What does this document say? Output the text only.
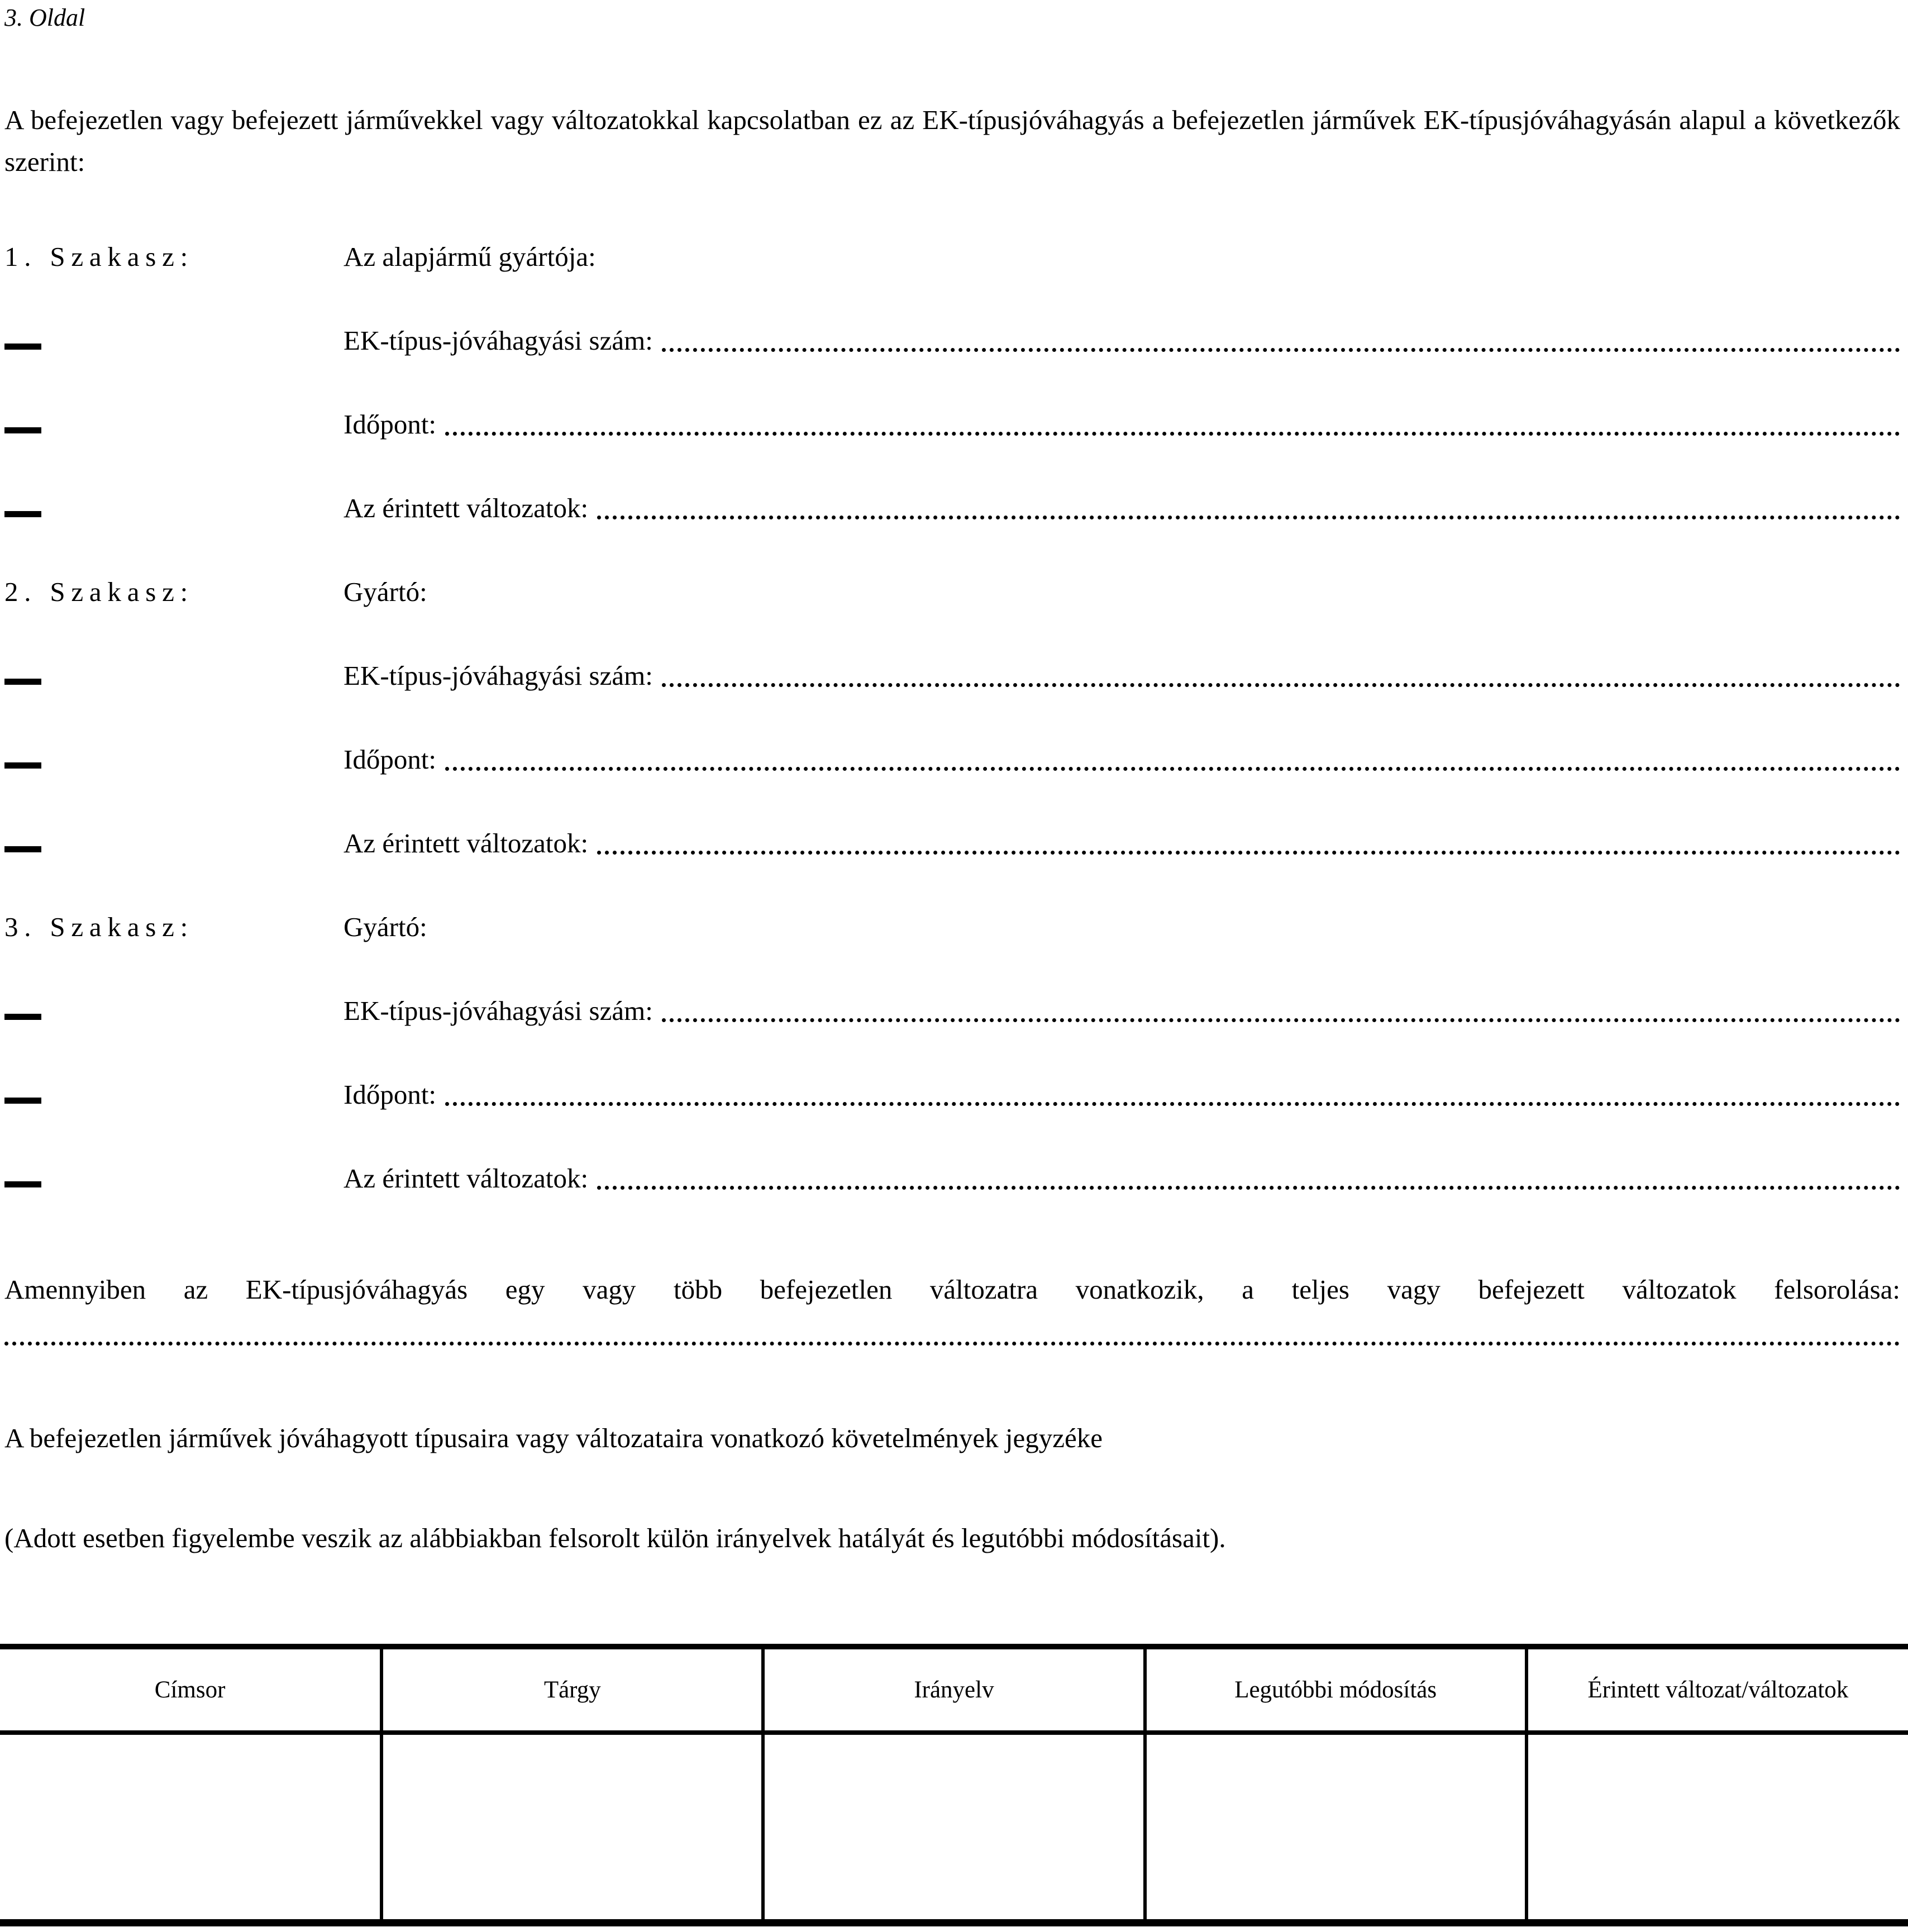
3. Oldal
A befejezetlen vagy befejezett járművekkel vagy változatokkal kapcsolatban ez az EK-típusjóváhagyás a befejezetlen járművek EK-típusjóváhagyásán alapul a következők szerint:
1. Szakasz:	Az alapjármű gyártója:
EK-típus-jóváhagyási szám:
Időpont:
Az érintett változatok:
2. Szakasz:	Gyártó:
EK-típus-jóváhagyási szám:
Időpont:
Az érintett változatok:
3. Szakasz:	Gyártó:
EK-típus-jóváhagyási szám:
Időpont:
Az érintett változatok:
Amennyiben az EK-típusjóváhagyás egy vagy több befejezetlen változatra vonatkozik, a teljes vagy befejezett változatok felsorolása:
A befejezetlen járművek jóváhagyott típusaira vagy változataira vonatkozó követelmények jegyzéke
(Adott esetben figyelembe veszik az alábbiakban felsorolt külön irányelvek hatályát és legutóbbi módosításait).
Címsor	Tárgy	Irányelv	Legutóbbi módosítás	Érintett változat/változatok
